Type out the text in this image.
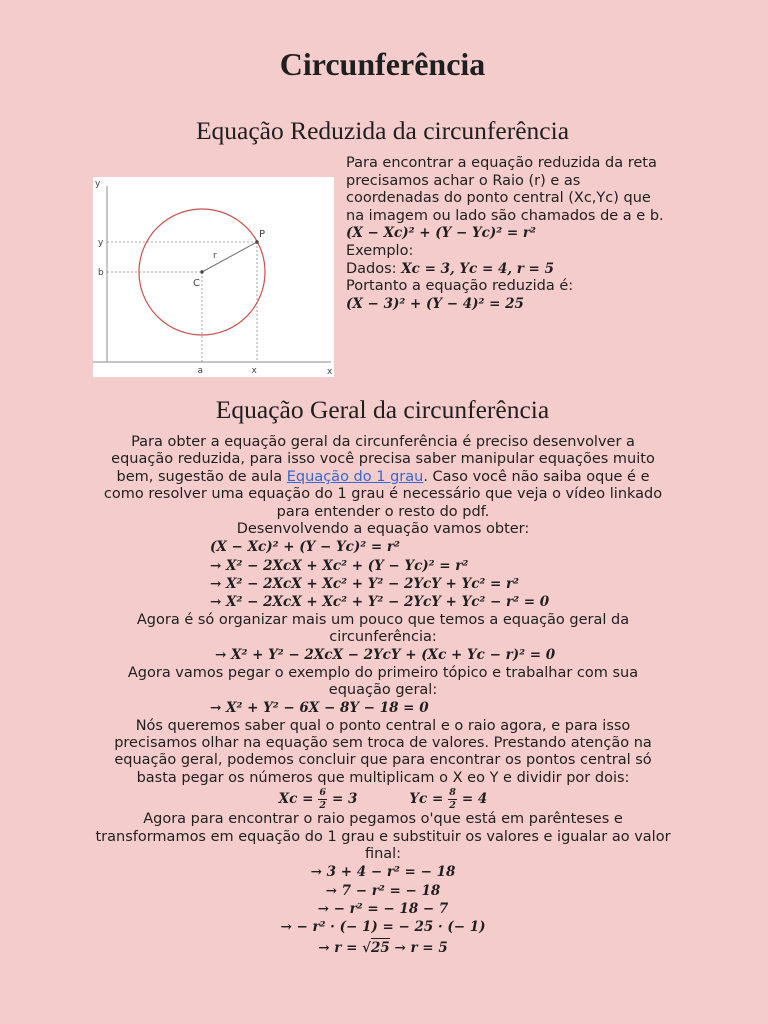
Circunferência
Equação Reduzida da circunferência
y
y
b
a	x	x
P
C
r
Para encontrar a equação reduzida da reta
precisamos achar o Raio (r) e as
coordenadas do ponto central (Xc,Yc) que
na imagem ou lado são chamados de a e b.
(X − Xc)² + (Y − Yc)² = r²
Exemplo:
Dados: Xc = 3, Yc = 4, r = 5
Portanto a equação reduzida é:
(X − 3)² + (Y − 4)² = 25
Equação Geral da circunferência
Para obter a equação geral da circunferência é preciso desenvolver a
equação reduzida, para isso você precisa saber manipular equações muito
bem, sugestão de aula Equação do 1 grau. Caso você não saiba oque é e
como resolver uma equação do 1 grau é necessário que veja o vídeo linkado
para entender o resto do pdf.
Desenvolvendo a equação vamos obter:
(X − Xc)² + (Y − Yc)² = r²
→ X² − 2XcX + Xc² + (Y − Yc)² = r²
→ X² − 2XcX + Xc² + Y² − 2YcY + Yc² = r²
→ X² − 2XcX + Xc² + Y² − 2YcY + Yc² − r² = 0
Agora é só organizar mais um pouco que temos a equação geral da
circunferência:
→ X² + Y² − 2XcX − 2YcY + (Xc + Yc − r)² = 0
Agora vamos pegar o exemplo do primeiro tópico e trabalhar com sua
equação geral:
→ X² + Y² − 6X − 8Y − 18 = 0
Nós queremos saber qual o ponto central e o raio agora, e para isso
precisamos olhar na equação sem troca de valores. Prestando atenção na
equação geral, podemos concluir que para encontrar os pontos central só
basta pegar os números que multiplicam o X eo Y e dividir por dois:
$Xc = \frac{6}{2} = 3$	$Yc = \frac{8}{2} = 4$
Agora para encontrar o raio pegamos o'que está em parênteses e
transformamos em equação do 1 grau e substituir os valores e igualar ao valor
final:
→ 3 + 4 − r² = − 18
→ 7 − r² = − 18
→ − r² = − 18 − 7
→ − r² · (− 1) = − 25 · (− 1)
→ r = √25 → r = 5
